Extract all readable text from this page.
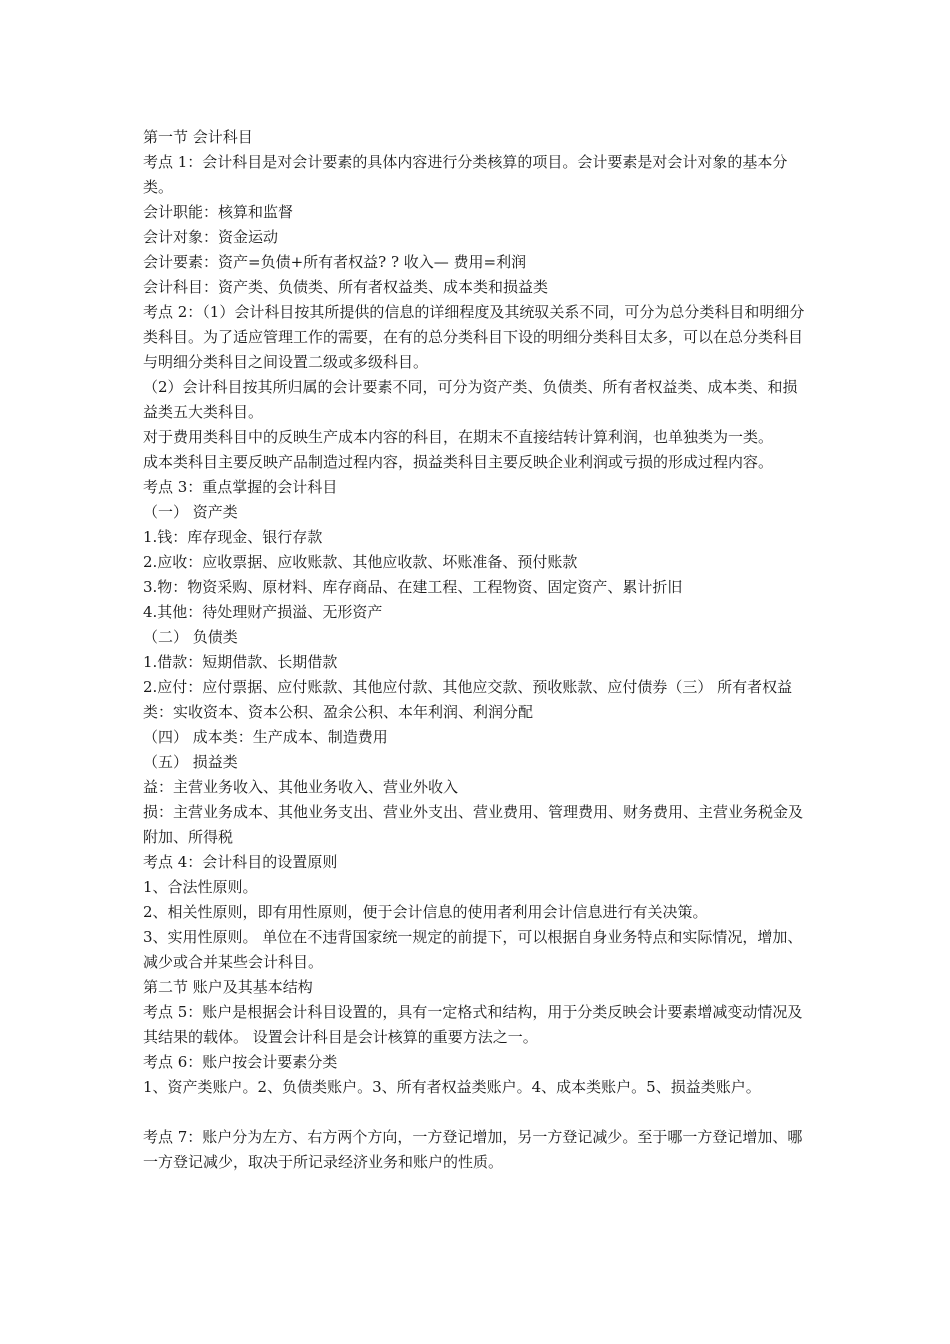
第一节 会计科目

考点 1：会计科目是对会计要素的具体内容进行分类核算的项目。会计要素是对会计对象的基本分类。

会计职能：核算和监督

会计对象：资金运动

会计要素：资产=负债+所有者权益? ? 收入— 费用=利润

会计科目：资产类、负债类、所有者权益类、成本类和损益类

考点 2：（1）会计科目按其所提供的信息的详细程度及其统驭关系不同，可分为总分类科目和明细分类科目。为了适应管理工作的需要，在有的总分类科目下设的明细分类科目太多，可以在总分类科目与明细分类科目之间设置二级或多级科目。

（2）会计科目按其所归属的会计要素不同，可分为资产类、负债类、所有者权益类、成本类、和损益类五大类科目。

对于费用类科目中的反映生产成本内容的科目，在期末不直接结转计算利润，也单独类为一类。

成本类科目主要反映产品制造过程内容，损益类科目主要反映企业利润或亏损的形成过程内容。

考点 3：重点掌握的会计科目

（一） 资产类

1.钱：库存现金、银行存款

2.应收：应收票据、应收账款、其他应收款、坏账准备、预付账款

3.物：物资采购、原材料、库存商品、在建工程、工程物资、固定资产、累计折旧

4.其他：待处理财产损溢、无形资产

（二） 负债类

1.借款：短期借款、长期借款

2.应付：应付票据、应付账款、其他应付款、其他应交款、预收账款、应付债券（三） 所有者权益类：实收资本、资本公积、盈余公积、本年利润、利润分配

（四） 成本类：生产成本、制造费用

（五） 损益类

益：主营业务收入、其他业务收入、营业外收入

损：主营业务成本、其他业务支出、营业外支出、营业费用、管理费用、财务费用、主营业务税金及附加、所得税

考点 4：会计科目的设置原则

1、合法性原则。

2、相关性原则，即有用性原则，便于会计信息的使用者利用会计信息进行有关决策。

3、实用性原则。 单位在不违背国家统一规定的前提下，可以根据自身业务特点和实际情况，增加、减少或合并某些会计科目。

第二节 账户及其基本结构

考点 5：账户是根据会计科目设置的，具有一定格式和结构，用于分类反映会计要素增减变动情况及其结果的载体。 设置会计科目是会计核算的重要方法之一。

考点 6：账户按会计要素分类

1、资产类账户。2、负债类账户。3、所有者权益类账户。4、成本类账户。5、损益类账户。

考点 7：账户分为左方、右方两个方向，一方登记增加，另一方登记减少。至于哪一方登记增加、哪一方登记减少，取决于所记录经济业务和账户的性质。
